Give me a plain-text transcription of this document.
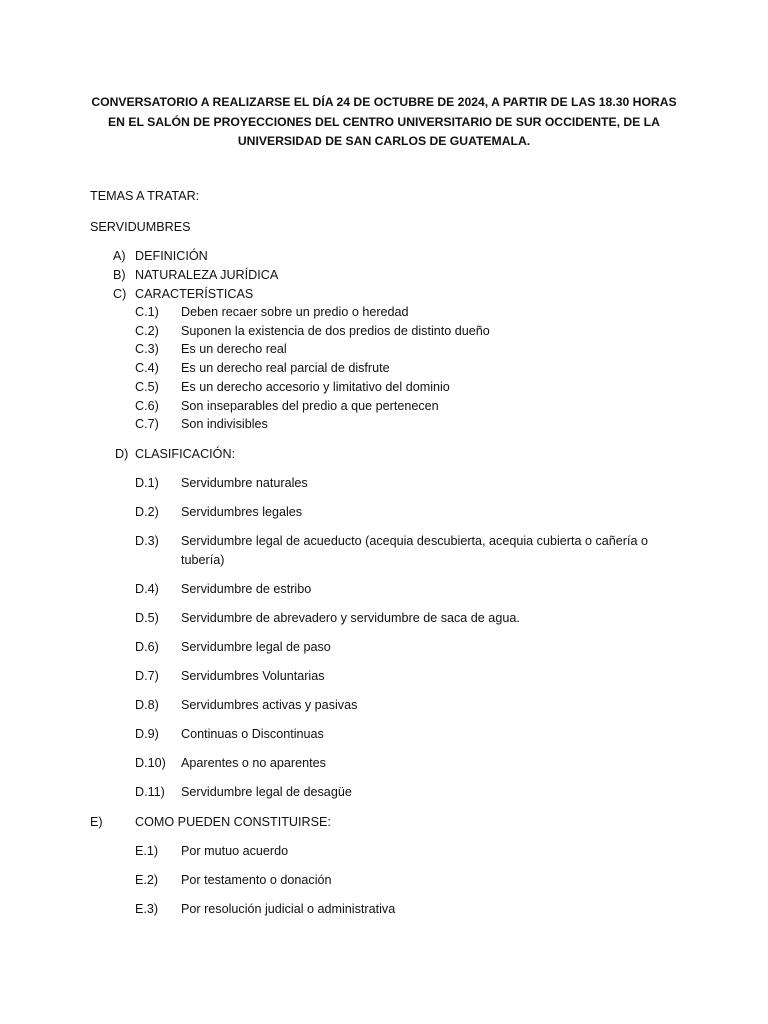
CONVERSATORIO A REALIZARSE EL DÍA 24 DE OCTUBRE DE 2024, A PARTIR DE LAS 18.30 HORAS EN EL SALÓN DE PROYECCIONES DEL CENTRO UNIVERSITARIO DE SUR OCCIDENTE, DE LA UNIVERSIDAD DE SAN CARLOS DE GUATEMALA.
TEMAS A TRATAR:
SERVIDUMBRES
A) DEFINICIÓN
B) NATURALEZA JURÍDICA
C) CARACTERÍSTICAS
C.1) Deben recaer sobre un predio o heredad
C.2) Suponen la existencia de dos predios de distinto dueño
C.3) Es un derecho real
C.4) Es un derecho real parcial de disfrute
C.5) Es un derecho accesorio y limitativo del dominio
C.6) Son inseparables del predio a que pertenecen
C.7) Son indivisibles
D) CLASIFICACIÓN:
D.1) Servidumbre naturales
D.2) Servidumbres legales
D.3) Servidumbre legal de acueducto (acequia descubierta, acequia cubierta o cañería o tubería)
D.4) Servidumbre de estribo
D.5) Servidumbre de abrevadero y servidumbre de saca de agua.
D.6) Servidumbre legal de paso
D.7) Servidumbres Voluntarias
D.8) Servidumbres activas y pasivas
D.9) Continuas o Discontinuas
D.10) Aparentes o no aparentes
D.11) Servidumbre legal de desagüe
E)	COMO PUEDEN CONSTITUIRSE:
E.1) Por mutuo acuerdo
E.2) Por testamento o donación
E.3) Por resolución judicial o administrativa
